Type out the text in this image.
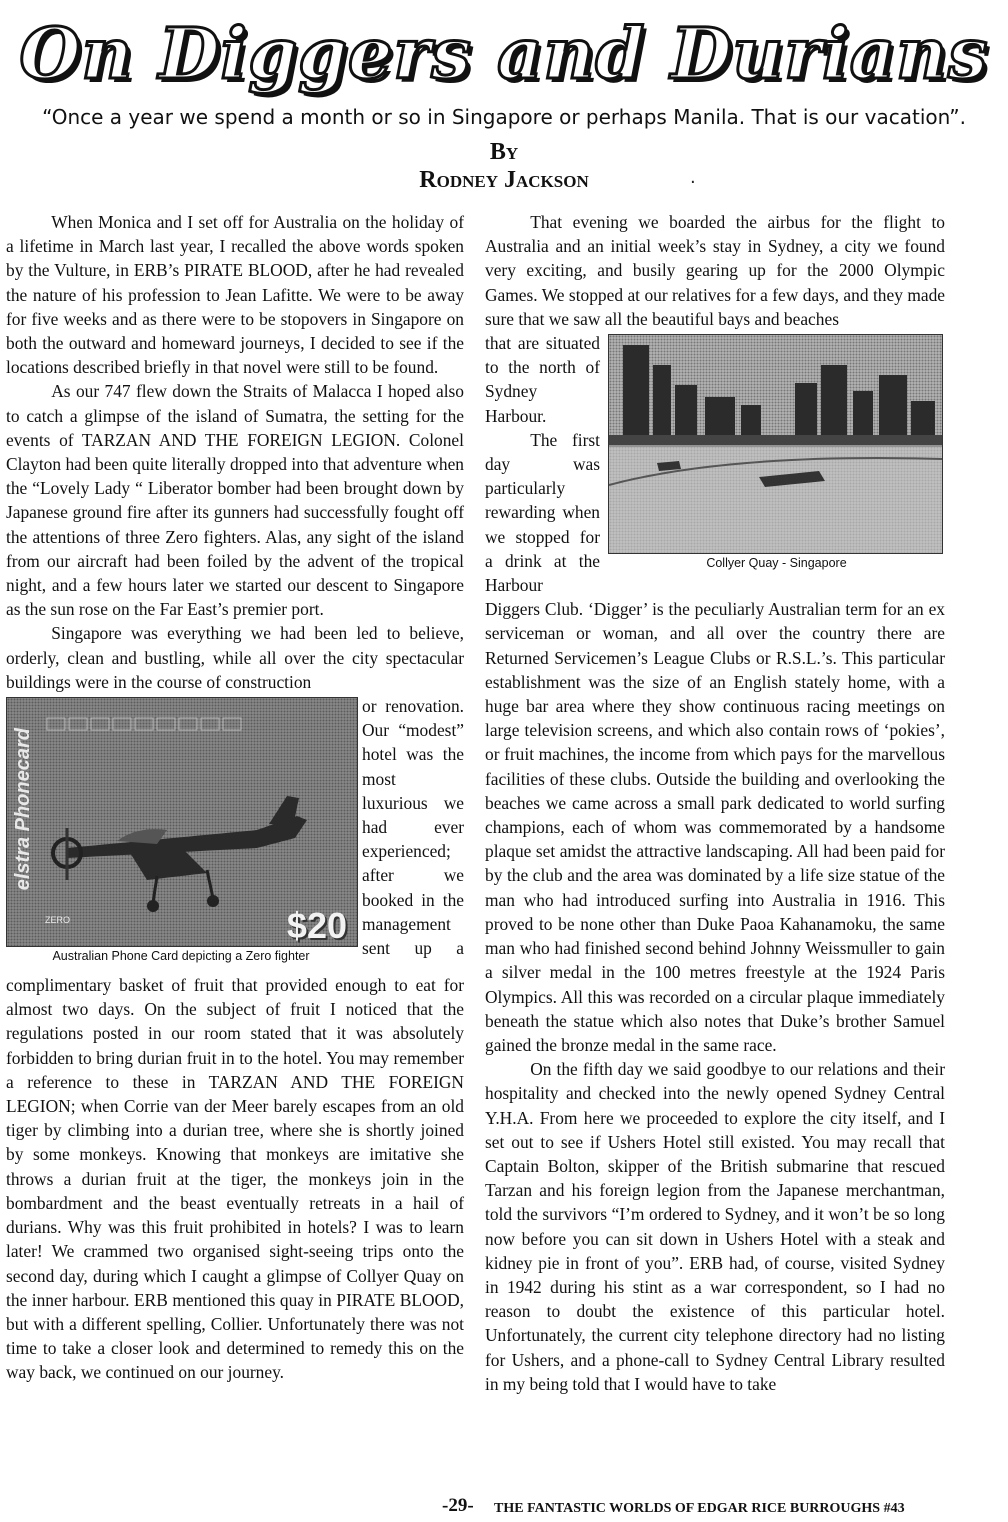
On Diggers and Durians
“Once a year we spend a month or so in Singapore or perhaps Manila. That is our vacation”.
By
Rodney Jackson	·

When Monica and I set off for Australia on the holiday of a lifetime in March last year, I recalled the above words spoken by the Vulture, in ERB’s PIRATE BLOOD, after he had revealed the nature of his profession to Jean Lafitte. We were to be away for five weeks and as there were to be stopovers in Singapore on both the outward and homeward journeys, I decided to see if the locations described briefly in that novel were still to be found.

As our 747 flew down the Straits of Malacca I hoped also to catch a glimpse of the island of Sumatra, the setting for the events of TARZAN AND THE FOREIGN LEGION. Colonel Clayton had been quite literally dropped into that adventure when the “Lovely Lady “ Liberator bomber had been brought down by Japanese ground fire after its gunners had successfully fought off the attentions of three Zero fighters. Alas, any sight of the island from our aircraft had been foiled by the advent of the tropical night, and a few hours later we started our descent to Singapore as the sun rose on the Far East’s premier port.

Singapore was everything we had been led to believe, orderly, clean and bustling, while all over the city spectacular buildings were in the course of construction

elstra Phonecard
$20
ZERO
Australian Phone Card depicting a Zero fighter

or renovation. Our “modest” hotel was the most luxurious we had ever experienced; after we booked in the management sent up a complimentary basket of fruit that provided enough to eat for almost two days. On the subject of fruit I noticed that the regulations posted in our room stated that it was absolutely forbidden to bring durian fruit in to the hotel. You may remember a reference to these in TARZAN AND THE FOREIGN LEGION; when Corrie van der Meer barely escapes from an old tiger by climbing into a durian tree, where she is shortly joined by some monkeys. Knowing that monkeys are imitative she throws a durian fruit at the tiger, the monkeys join in the bombardment and the beast eventually retreats in a hail of durians. Why was this fruit prohibited in hotels? I was to learn later! We crammed two organised sight-seeing trips onto the second day, during which I caught a glimpse of Collyer Quay on the inner harbour. ERB mentioned this quay in PIRATE BLOOD, but with a different spelling, Collier. Unfortunately there was not time to take a closer look and determined to remedy this on the way back, we continued on our journey.

That evening we boarded the airbus for the flight to Australia and an initial week’s stay in Sydney, a city we found very exciting, and busily gearing up for the 2000 Olympic Games. We stopped at our relatives for a few days, and they made sure that we saw all the beautiful bays and beaches

Collyer Quay - Singapore

that are situated to the north of Sydney Harbour.

The first day was particularly rewarding when we stopped for a drink at the Harbour Diggers Club. ‘Digger’ is the peculiarly Australian term for an ex serviceman or woman, and all over the country there are Returned Servicemen’s League Clubs or R.S.L.’s. This particular establishment was the size of an English stately home, with a huge bar area where they show continuous racing meetings on large television screens, and which also contain rows of ‘pokies’, or fruit machines, the income from which pays for the marvellous facilities of these clubs. Outside the building and overlooking the beaches we came across a small park dedicated to world surfing champions, each of whom was commemorated by a handsome plaque set amidst the attractive landscaping. All had been paid for by the club and the area was dominated by a life size statue of the man who had introduced surfing into Australia in 1916. This proved to be none other than Duke Paoa Kahanamoku, the same man who had finished second behind Johnny Weissmuller to gain a silver medal in the 100 metres freestyle at the 1924 Paris Olympics. All this was recorded on a circular plaque immediately beneath the statue which also notes that Duke’s brother Samuel gained the bronze medal in the same race.

On the fifth day we said goodbye to our relations and their hospitality and checked into the newly opened Sydney Central Y.H.A. From here we proceeded to explore the city itself, and I set out to see if Ushers Hotel still existed. You may recall that Captain Bolton, skipper of the British submarine that rescued Tarzan and his foreign legion from the Japanese merchantman, told the survivors “I’m ordered to Sydney, and it won’t be so long now before you can sit down in Ushers Hotel with a steak and kidney pie in front of you”. ERB had, of course, visited Sydney in 1942 during his stint as a war correspondent, so I had no reason to doubt the existence of this particular hotel. Unfortunately, the current city telephone directory had no listing for Ushers, and a phone-call to Sydney Central Library resulted in my being told that I would have to take

-29- THE FANTASTIC WORLDS OF EDGAR RICE BURROUGHS #43
